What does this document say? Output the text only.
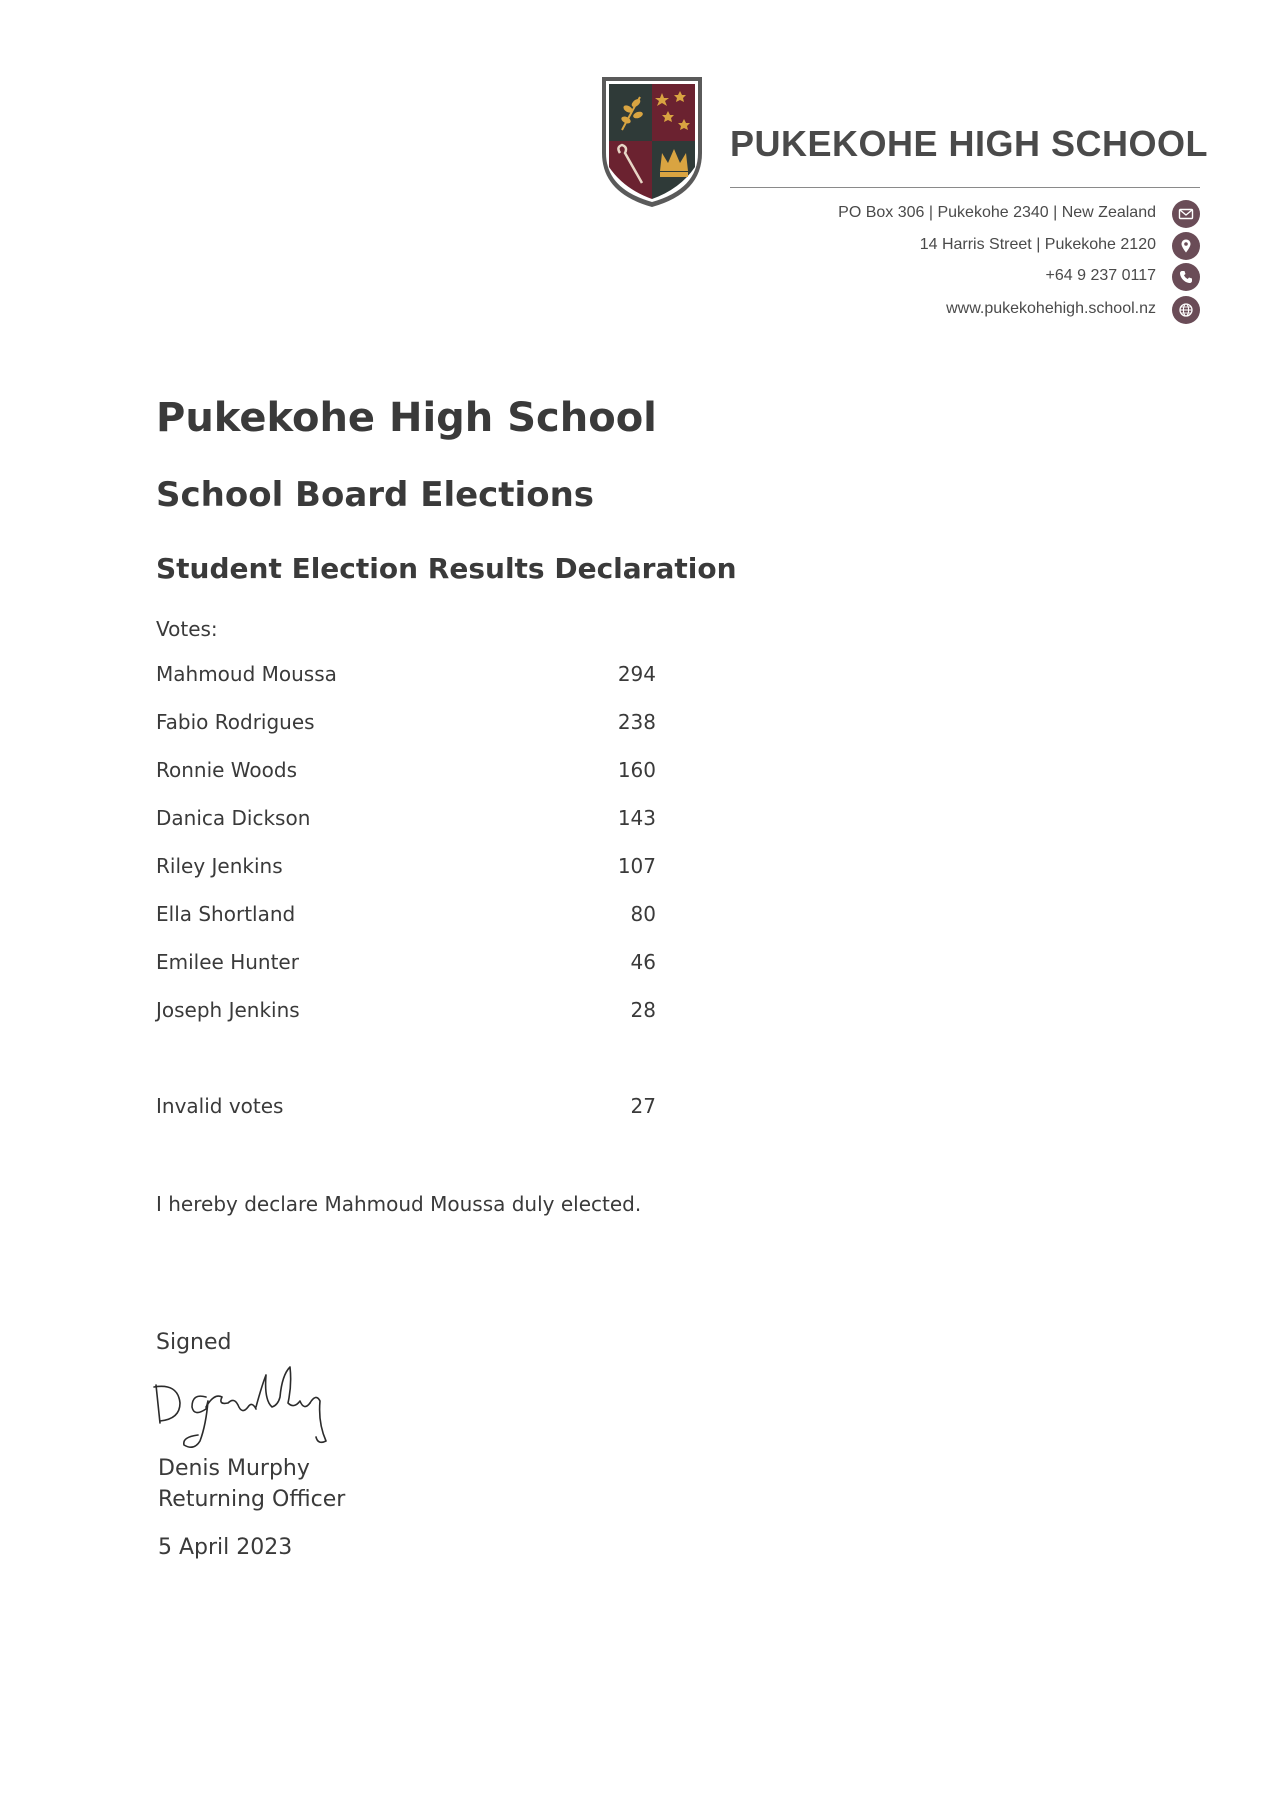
PUKEKOHE HIGH SCHOOL
PO Box 306 | Pukekohe 2340 | New Zealand
14 Harris Street | Pukekohe 2120
+64 9 237 0117
www.pukekohehigh.school.nz
Pukekohe High School
School Board Elections
Student Election Results Declaration
Votes:
Mahmoud Moussa	294
Fabio Rodrigues	238
Ronnie Woods	160
Danica Dickson	143
Riley Jenkins	107
Ella Shortland	80
Emilee Hunter	46
Joseph Jenkins	28
Invalid votes	27
I hereby declare Mahmoud Moussa duly elected.
Signed
Denis Murphy
Returning Officer
5 April 2023
